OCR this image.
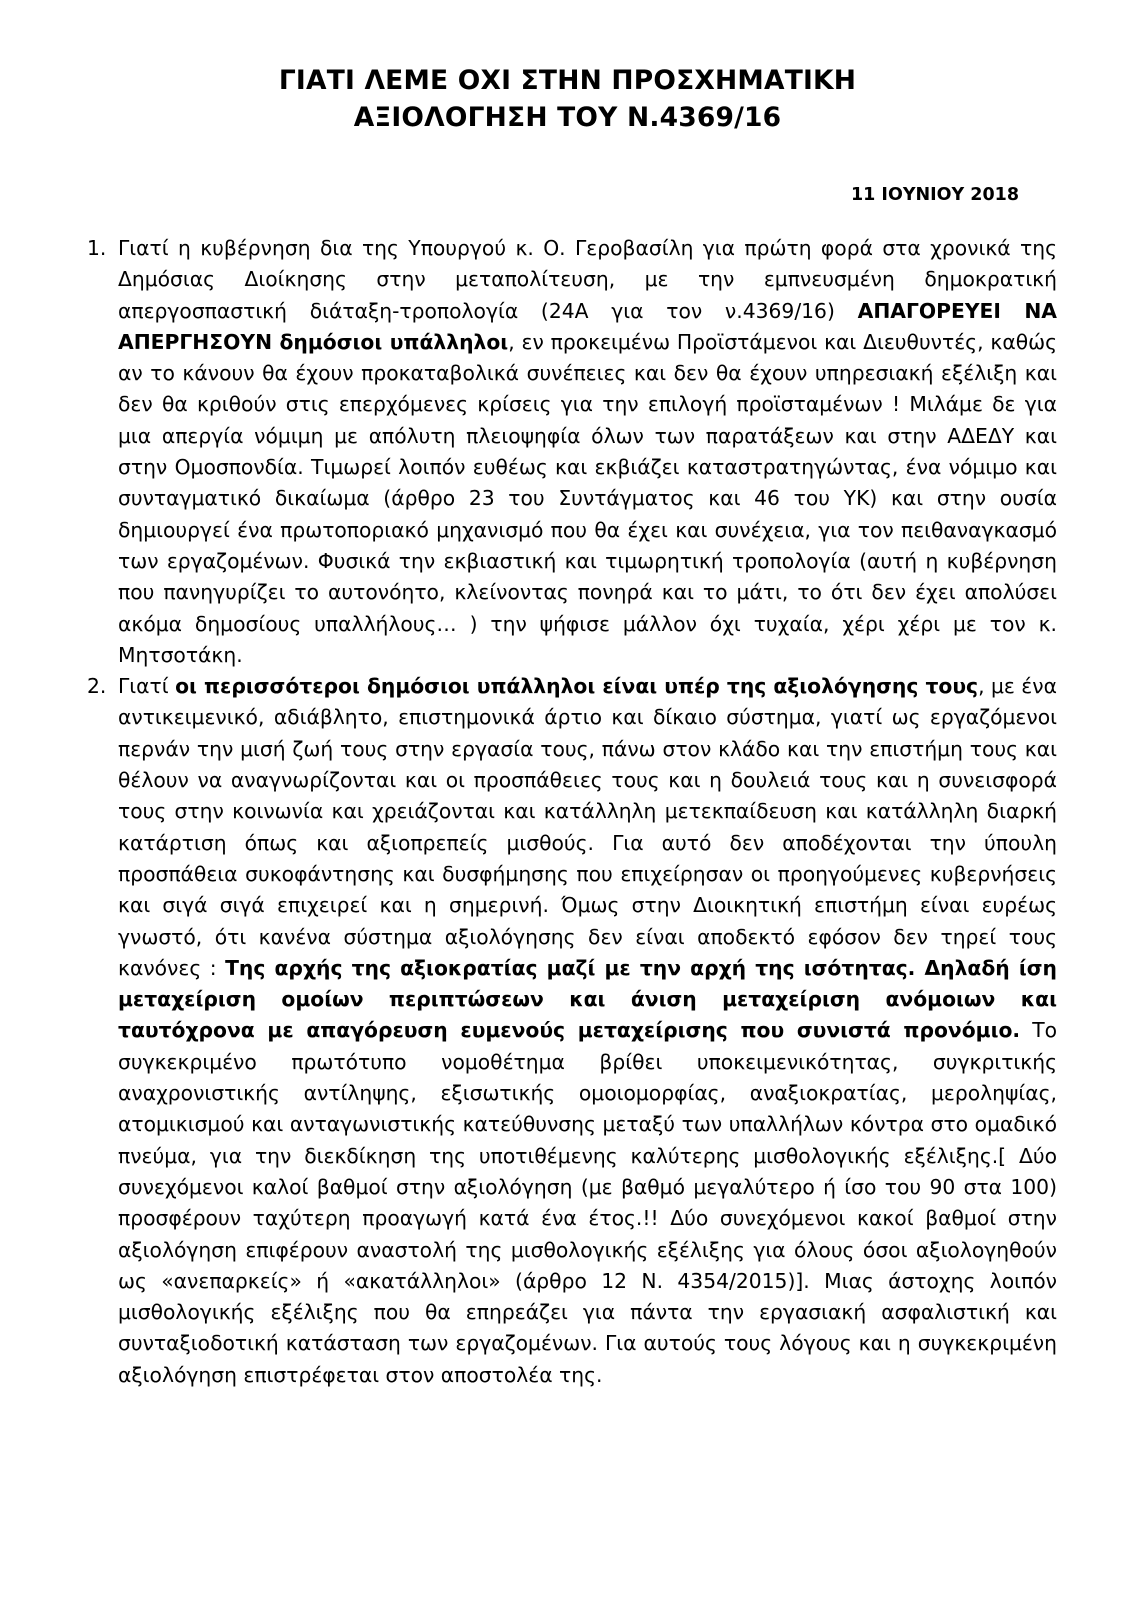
ΓΙΑΤΙ ΛΕΜΕ ΟΧΙ ΣΤΗΝ ΠΡΟΣΧΗΜΑΤΙΚΗ
ΑΞΙΟΛΟΓΗΣΗ ΤΟΥ Ν.4369/16
11 ΙΟΥΝΙΟΥ 2018
1. Γιατί η κυβέρνηση δια της Υπουργού κ. Ο. Γεροβασίλη για πρώτη φορά στα χρονικά της Δημόσιας Διοίκησης στην μεταπολίτευση, με την εμπνευσμένη δημοκρατική απεργοσπαστική διάταξη-τροπολογία (24Α για τον ν.4369/16) ΑΠΑΓΟΡΕΥΕΙ ΝΑ ΑΠΕΡΓΗΣΟΥΝ δημόσιοι υπάλληλοι, εν προκειμένω Προϊστάμενοι και Διευθυντές, καθώς αν το κάνουν θα έχουν προκαταβολικά συνέπειες και δεν θα έχουν υπηρεσιακή εξέλιξη και δεν θα κριθούν στις επερχόμενες κρίσεις για την επιλογή προϊσταμένων ! Μιλάμε δε για μια απεργία νόμιμη με απόλυτη πλειοψηφία όλων των παρατάξεων και στην ΑΔΕΔΥ και στην Ομοσπονδία. Τιμωρεί λοιπόν ευθέως και εκβιάζει καταστρατηγώντας, ένα νόμιμο και συνταγματικό δικαίωμα (άρθρο 23 του Συντάγματος και 46 του ΥΚ) και στην ουσία δημιουργεί ένα πρωτοποριακό μηχανισμό που θα έχει και συνέχεια, για τον πειθαναγκασμό των εργαζομένων. Φυσικά την εκβιαστική και τιμωρητική τροπολογία (αυτή η κυβέρνηση που πανηγυρίζει το αυτονόητο, κλείνοντας πονηρά και το μάτι, το ότι δεν έχει απολύσει ακόμα δημοσίους υπαλλήλους… ) την ψήφισε μάλλον όχι τυχαία, χέρι χέρι με τον κ. Μητσοτάκη.
2. Γιατί οι περισσότεροι δημόσιοι υπάλληλοι είναι υπέρ της αξιολόγησης τους, με ένα αντικειμενικό, αδιάβλητο, επιστημονικά άρτιο και δίκαιο σύστημα, γιατί ως εργαζόμενοι περνάν την μισή ζωή τους στην εργασία τους, πάνω στον κλάδο και την επιστήμη τους και θέλουν να αναγνωρίζονται και οι προσπάθειες τους και η δουλειά τους και η συνεισφορά τους στην κοινωνία και χρειάζονται και κατάλληλη μετεκπαίδευση και κατάλληλη διαρκή κατάρτιση όπως και αξιοπρεπείς μισθούς. Για αυτό δεν αποδέχονται την ύπουλη προσπάθεια συκοφάντησης και δυσφήμησης που επιχείρησαν οι προηγούμενες κυβερνήσεις και σιγά σιγά επιχειρεί και η σημερινή. Όμως στην Διοικητική επιστήμη είναι ευρέως γνωστό, ότι κανένα σύστημα αξιολόγησης δεν είναι αποδεκτό εφόσον δεν τηρεί τους κανόνες : Της αρχής της αξιοκρατίας μαζί με την αρχή της ισότητας. Δηλαδή ίση μεταχείριση ομοίων περιπτώσεων και άνιση μεταχείριση ανόμοιων και ταυτόχρονα με απαγόρευση ευμενούς μεταχείρισης που συνιστά προνόμιο. Το συγκεκριμένο πρωτότυπο νομοθέτημα βρίθει υποκειμενικότητας, συγκριτικής αναχρονιστικής αντίληψης, εξισωτικής ομοιομορφίας, αναξιοκρατίας, μεροληψίας, ατομικισμού και ανταγωνιστικής κατεύθυνσης μεταξύ των υπαλλήλων κόντρα στο ομαδικό πνεύμα, για την διεκδίκηση της υποτιθέμενης καλύτερης μισθολογικής εξέλιξης.[ Δύο συνεχόμενοι καλοί βαθμοί στην αξιολόγηση (με βαθμό μεγαλύτερο ή ίσο του 90 στα 100) προσφέρουν ταχύτερη προαγωγή κατά ένα έτος.!! Δύο συνεχόμενοι κακοί βαθμοί στην αξιολόγηση επιφέρουν αναστολή της μισθολογικής εξέλιξης για όλους όσοι αξιολογηθούν ως «ανεπαρκείς» ή «ακατάλληλοι» (άρθρο 12 Ν. 4354/2015)]. Μιας άστοχης λοιπόν μισθολογικής εξέλιξης που θα επηρεάζει για πάντα την εργασιακή ασφαλιστική και συνταξιοδοτική κατάσταση των εργαζομένων. Για αυτούς τους λόγους και η συγκεκριμένη αξιολόγηση επιστρέφεται στον αποστολέα της.
